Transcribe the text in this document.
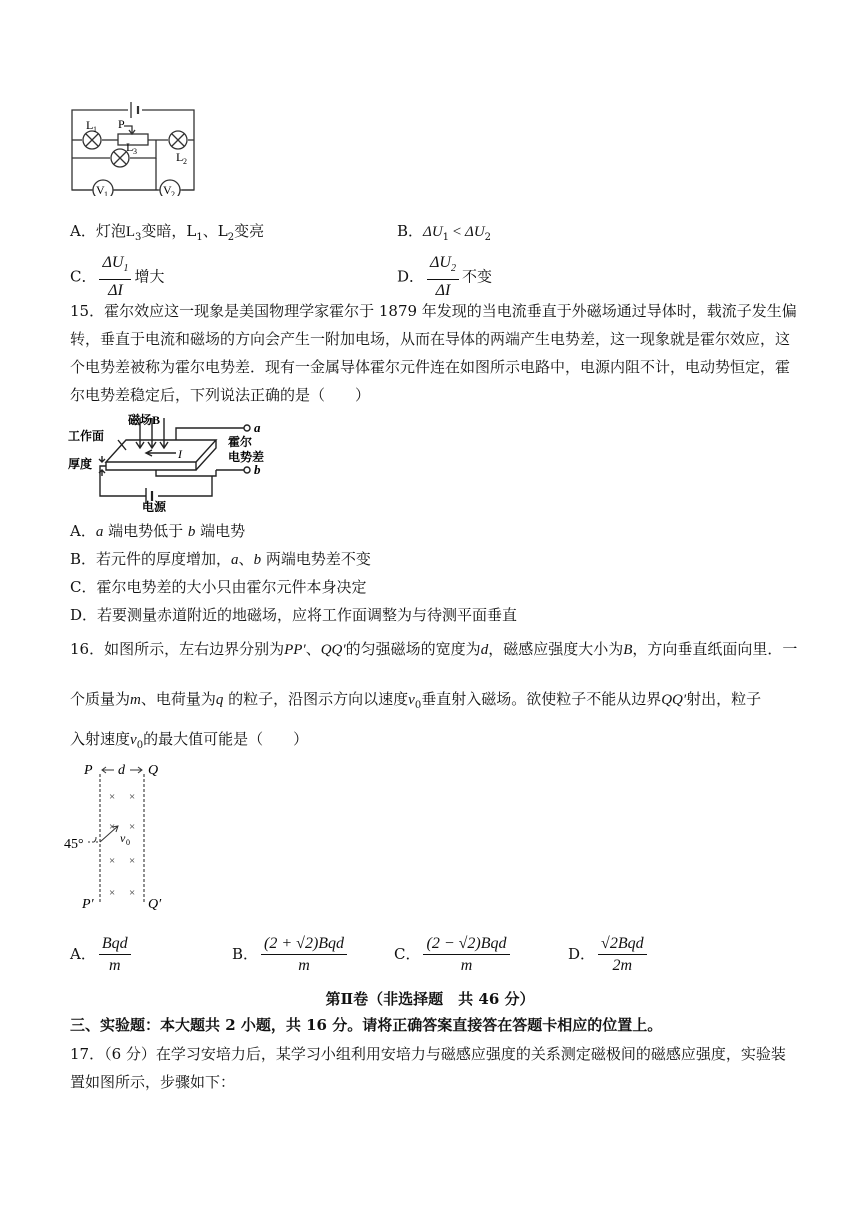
L 1
L 2
L 3
P
V 1	V 2
A．灯泡$L_3$变暗，$L_1$、$L_2$变亮	B．$\Delta U_1 < \Delta U_2$
C． $\frac{\Delta U_1}{\Delta I}$ 增大	D． $\frac{\Delta U_2}{\Delta I}$ 不变
15．霍尔效应这一现象是美国物理学家霍尔于 1879 年发现的当电流垂直于外磁场通过导体时，载流子发生偏
转，垂直于电流和磁场的方向会产生一附加电场，从而在导体的两端产生电势差，这一现象就是霍尔效应，这
个电势差被称为霍尔电势差．现有一金属导体霍尔元件连在如图所示电路中，电源内阻不计，电动势恒定，霍
尔电势差稳定后，下列说法正确的是（　　）
磁场B
工作面
厚度
霍尔
电势差
电源
a
b
I
A．a 端电势低于 b 端电势
B．若元件的厚度增加，a、b 两端电势差不变
C．霍尔电势差的大小只由霍尔元件本身决定
D．若要测量赤道附近的地磁场，应将工作面调整为与待测平面垂直
16．如图所示，左右边界分别为PP′、QQ′的匀强磁场的宽度为d，磁感应强度大小为B，方向垂直纸面向里．一
个质量为m、电荷量为q 的粒子，沿图示方向以速度$v_0$垂直射入磁场。欲使粒子不能从边界QQ′射出，粒子
入射速度$v_0$的最大值可能是（　　）
P d Q
P′	Q′
45°	v 0
× ×
× ×
× ×
× ×
A． $\frac{\text{Bqd}}{m}$	B． $\frac{\text{(2 + √2)Bqd}}{m}$	C． $\frac{\text{(2 − √2)Bqd}}{m}$	D． $\frac{\text{√2Bqd}}{2m}$
第Ⅱ卷（非选择题　共 46 分）
三、实验题：本大题共 2 小题，共 16 分。请将正确答案直接答在答题卡相应的位置上。
17．（6 分）在学习安培力后，某学习小组利用安培力与磁感应强度的关系测定磁极间的磁感应强度，实验装
置如图所示，步骤如下：
